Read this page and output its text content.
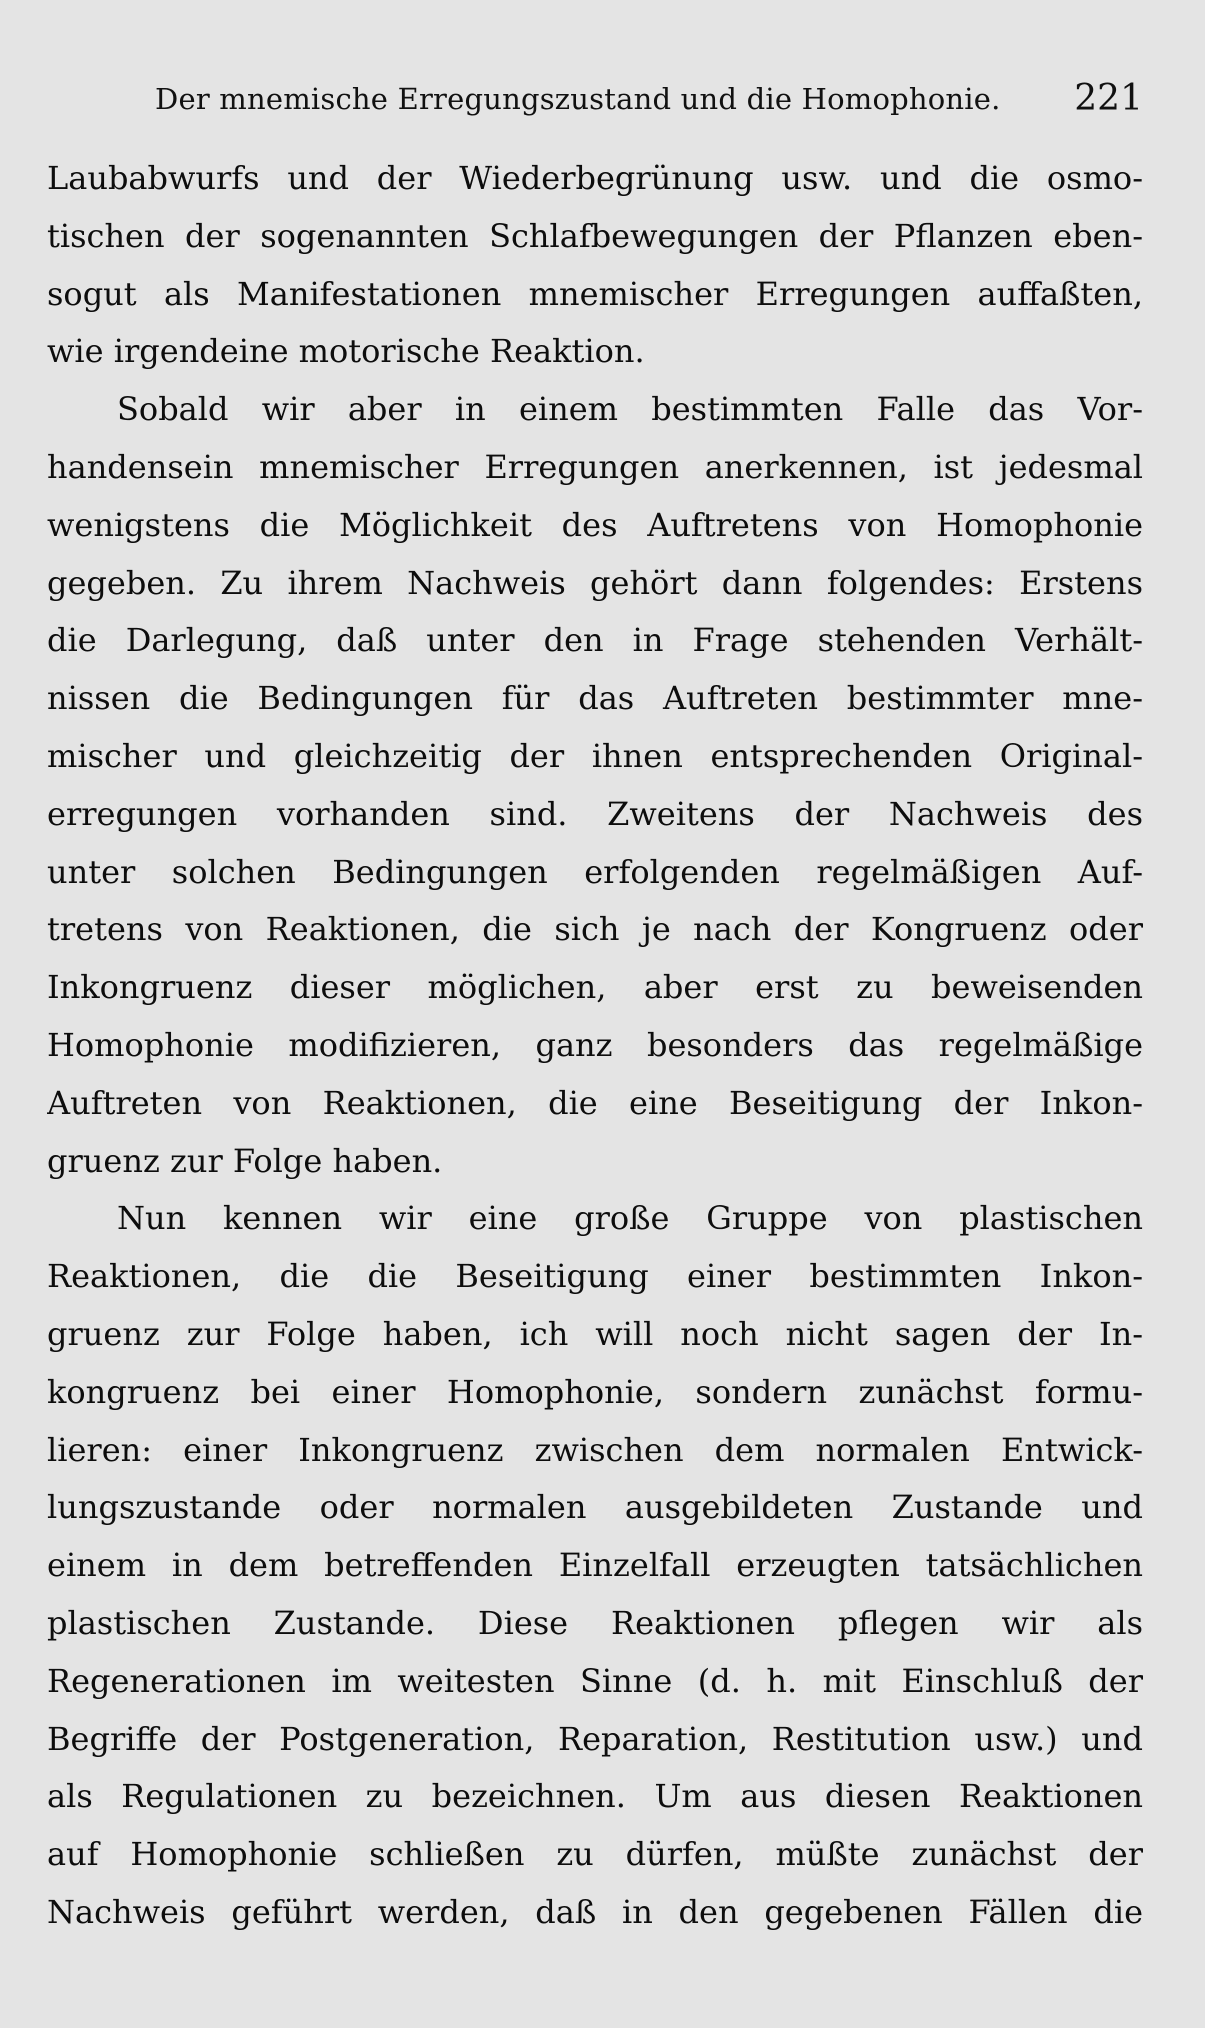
Der mnemische Erregungszustand und die Homophonie. 221
Laubabwurfs und der Wiederbegrünung usw. und die osmo-
tischen der sogenannten Schlafbewegungen der Pflanzen eben-
sogut als Manifestationen mnemischer Erregungen auffaßten,
wie irgendeine motorische Reaktion.
Sobald wir aber in einem bestimmten Falle das Vor-
handensein mnemischer Erregungen anerkennen, ist jedesmal
wenigstens die Möglichkeit des Auftretens von Homophonie
gegeben. Zu ihrem Nachweis gehört dann folgendes: Erstens
die Darlegung, daß unter den in Frage stehenden Verhält-
nissen die Bedingungen für das Auftreten bestimmter mne-
mischer und gleichzeitig der ihnen entsprechenden Original-
erregungen vorhanden sind. Zweitens der Nachweis des
unter solchen Bedingungen erfolgenden regelmäßigen Auf-
tretens von Reaktionen, die sich je nach der Kongruenz oder
Inkongruenz dieser möglichen, aber erst zu beweisenden
Homophonie modifizieren, ganz besonders das regelmäßige
Auftreten von Reaktionen, die eine Beseitigung der Inkon-
gruenz zur Folge haben.
Nun kennen wir eine große Gruppe von plastischen
Reaktionen, die die Beseitigung einer bestimmten Inkon-
gruenz zur Folge haben, ich will noch nicht sagen der In-
kongruenz bei einer Homophonie, sondern zunächst formu-
lieren: einer Inkongruenz zwischen dem normalen Entwick-
lungszustande oder normalen ausgebildeten Zustande und
einem in dem betreffenden Einzelfall erzeugten tatsächlichen
plastischen Zustande. Diese Reaktionen pflegen wir als
Regenerationen im weitesten Sinne (d. h. mit Einschluß der
Begriffe der Postgeneration, Reparation, Restitution usw.) und
als Regulationen zu bezeichnen. Um aus diesen Reaktionen
auf Homophonie schließen zu dürfen, müßte zunächst der
Nachweis geführt werden, daß in den gegebenen Fällen die
